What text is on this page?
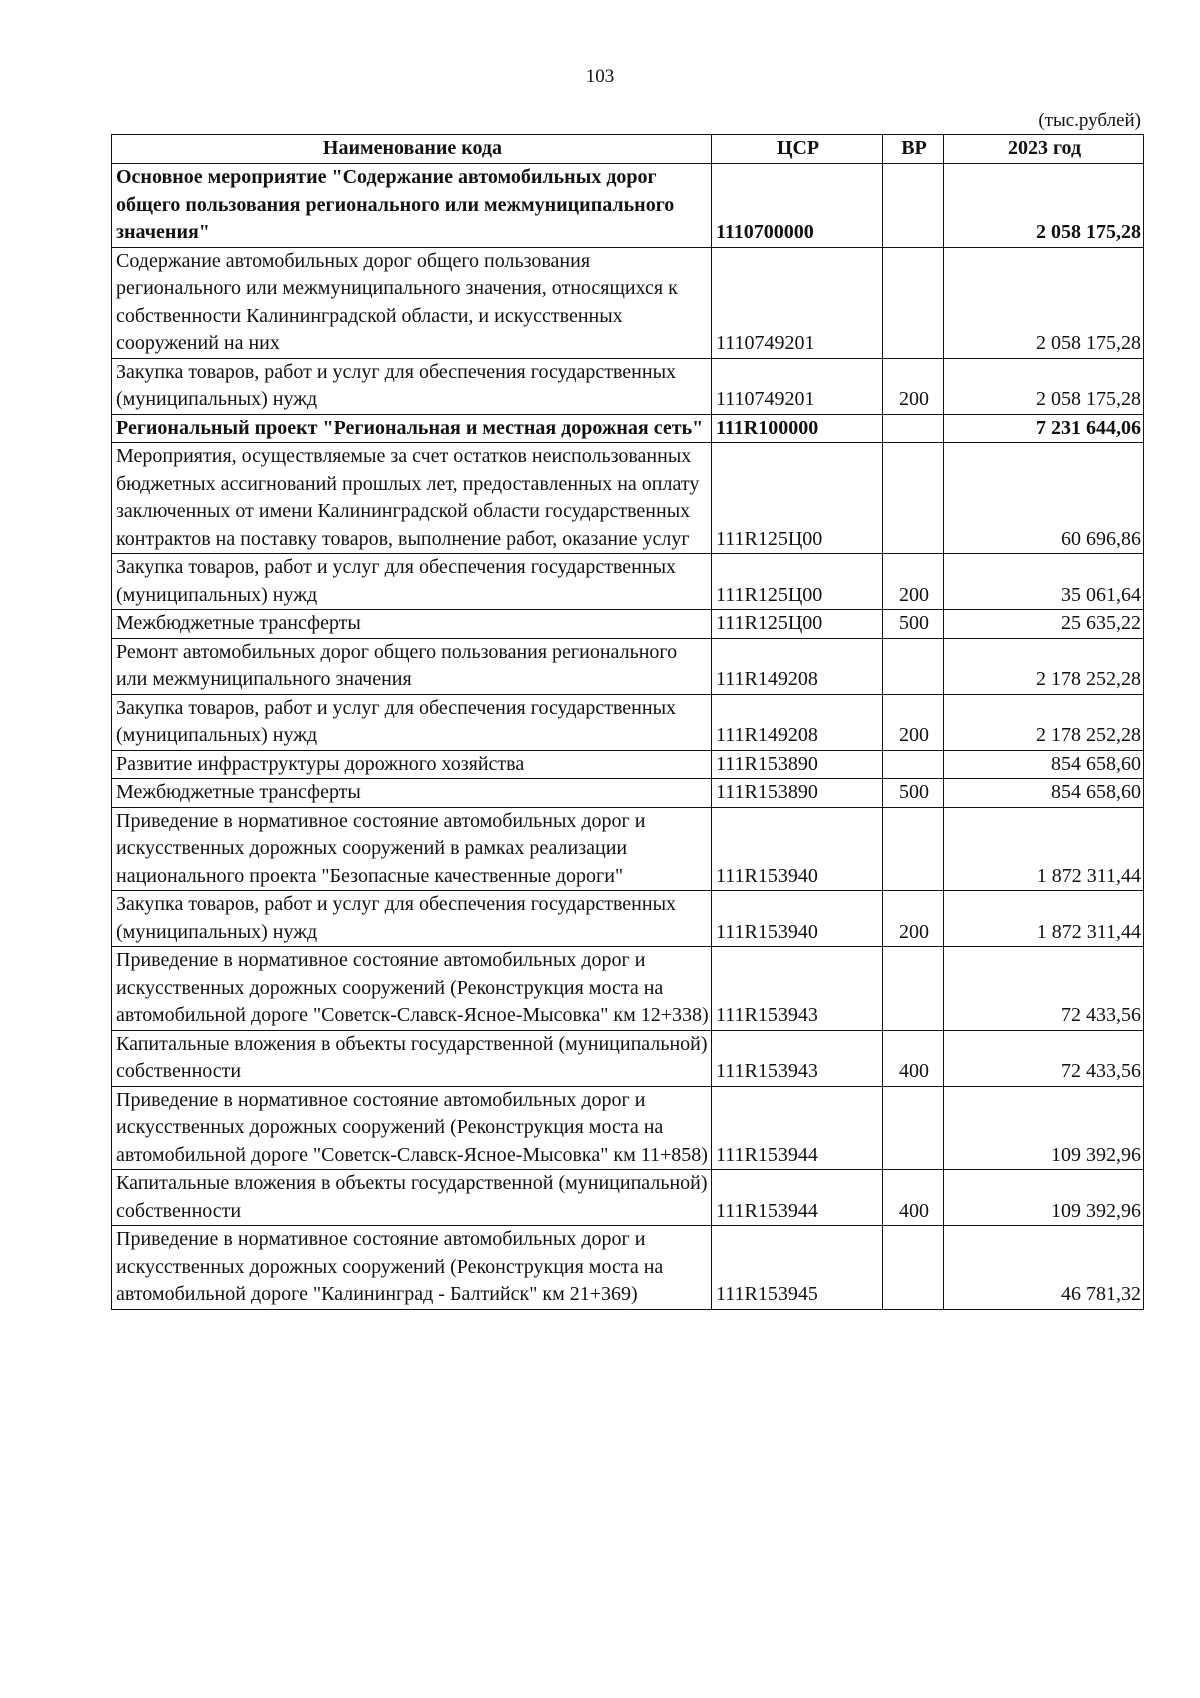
103
(тыс.рублей)
Наименование кода	ЦСР	ВР	2023 год
Основное мероприятие "Содержание автомобильных дорог общего пользования регионального или межмуниципального значения"	1110700000		2 058 175,28
Содержание автомобильных дорог общего пользования регионального или межмуниципального значения, относящихся к собственности Калининградской области, и искусственных сооружений на них	1110749201		2 058 175,28
Закупка товаров, работ и услуг для обеспечения государственных (муниципальных) нужд	1110749201	200	2 058 175,28
Региональный проект "Региональная и местная дорожная сеть"	111R100000		7 231 644,06
Мероприятия, осуществляемые за счет остатков неиспользованных бюджетных ассигнований прошлых лет, предоставленных на оплату заключенных от имени Калининградской области государственных контрактов на поставку товаров, выполнение работ, оказание услуг	111R125Ц00		60 696,86
Закупка товаров, работ и услуг для обеспечения государственных (муниципальных) нужд	111R125Ц00	200	35 061,64
Межбюджетные трансферты	111R125Ц00	500	25 635,22
Ремонт автомобильных дорог общего пользования регионального или межмуниципального значения	111R149208		2 178 252,28
Закупка товаров, работ и услуг для обеспечения государственных (муниципальных) нужд	111R149208	200	2 178 252,28
Развитие инфраструктуры дорожного хозяйства	111R153890		854 658,60
Межбюджетные трансферты	111R153890	500	854 658,60
Приведение в нормативное состояние автомобильных дорог и искусственных дорожных сооружений в рамках реализации национального проекта "Безопасные качественные дороги"	111R153940		1 872 311,44
Закупка товаров, работ и услуг для обеспечения государственных (муниципальных) нужд	111R153940	200	1 872 311,44
Приведение в нормативное состояние автомобильных дорог и искусственных дорожных сооружений (Реконструкция моста на автомобильной дороге "Советск-Славск-Ясное-Мысовка" км 12+338)	111R153943		72 433,56
Капитальные вложения в объекты государственной (муниципальной) собственности	111R153943	400	72 433,56
Приведение в нормативное состояние автомобильных дорог и искусственных дорожных сооружений (Реконструкция моста на автомобильной дороге "Советск-Славск-Ясное-Мысовка" км 11+858)	111R153944		109 392,96
Капитальные вложения в объекты государственной (муниципальной) собственности	111R153944	400	109 392,96
Приведение в нормативное состояние автомобильных дорог и искусственных дорожных сооружений (Реконструкция моста на автомобильной дороге "Калининград - Балтийск" км 21+369)	111R153945		46 781,32
